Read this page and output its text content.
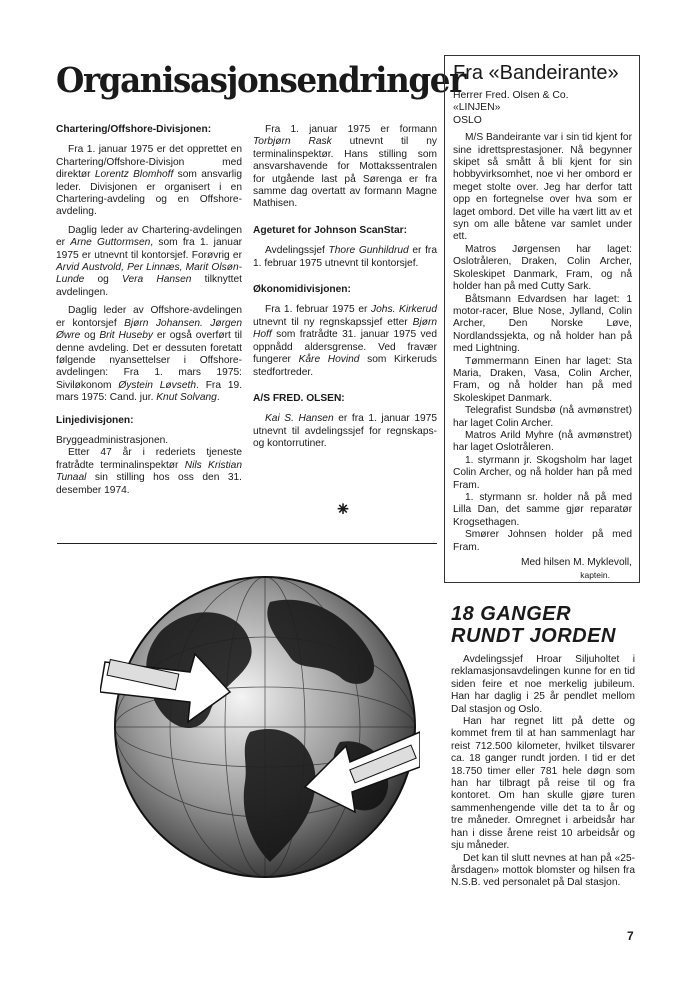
Organisasjonsendringer
Chartering/Offshore-Divisjonen:

Fra 1. januar 1975 er det opprettet en Chartering/Offshore-Divisjon med direktør Lorentz Blomhoff som ansvarlig leder. Divisjonen er organisert i en Chartering-avdeling og en Offshore-avdeling.

Daglig leder av Chartering-avdelingen er Arne Guttormsen, som fra 1. januar 1975 er utnevnt til kontorsjef. Forøvrig er Arvid Austvold, Per Linnæs, Marit Olsøn-Lunde og Vera Hansen tilknyttet avdelingen.

Daglig leder av Offshore-avdelingen er kontorsjef Bjørn Johansen. Jørgen Øwre og Brit Huseby er også overført til denne avdeling. Det er dessuten foretatt følgende nyansettelser i Offshore-avdelingen: Fra 1. mars 1975: Siviløkonom Øystein Løvseth. Fra 19. mars 1975: Cand. jur. Knut Solvang.

Linjedivisjonen:

Bryggeadministrasjonen.

Etter 47 år i rederiets tjeneste fratrådte terminalinspektør Nils Kristian Tunaal sin stilling hos oss den 31. desember 1974.

Fra 1. januar 1975 er formann Torbjørn Rask utnevnt til ny terminalinspektør. Hans stilling som ansvarshavende for Mottakssentralen for utgående last på Sørenga er fra samme dag overtatt av formann Magne Mathisen.

Ageturet for Johnson ScanStar:

Avdelingssjef Thore Gunhildrud er fra 1. februar 1975 utnevnt til kontorsjef.

Økonomidivisjonen:

Fra 1. februar 1975 er Johs. Kirkerud utnevnt til ny regnskapssjef etter Bjørn Hoff som fratrådte 31. januar 1975 ved oppnådd aldersgrense. Ved fravær fungerer Kåre Hovind som Kirkeruds stedfortreder.

A/S FRED. OLSEN:

Kai S. Hansen er fra 1. januar 1975 utnevnt til avdelingssjef for regnskaps- og kontorrutiner.

⁕
Fra «Bandeirante»
Herrer Fred. Olsen & Co.
«LINJEN»
OSLO

M/S Bandeirante var i sin tid kjent for sine idrettsprestasjoner. Nå begynner skipet så smått å bli kjent for sin hobbyvirksomhet, noe vi her ombord er meget stolte over. Jeg har derfor tatt opp en fortegnelse over hva som er laget ombord. Det ville ha vært litt av et syn om alle båtene var samlet under ett.

Matros Jørgensen har laget: Oslotråleren, Draken, Colin Archer, Skoleskipet Danmark, Fram, og nå holder han på med Cutty Sark.

Båtsmann Edvardsen har laget: 1 motor-racer, Blue Nose, Jylland, Colin Archer, Den Norske Løve, Nordlandssjekta, og nå holder han på med Lightning.

Tømmermann Einen har laget: Sta Maria, Draken, Vasa, Colin Archer, Fram, og nå holder han på med Skoleskipet Danmark.

Telegrafist Sundsbø (nå avmønstret) har laget Colin Archer.

Matros Arild Myhre (nå avmønstret) har laget Oslotråleren.

1. styrmann jr. Skogsholm har laget Colin Archer, og nå holder han på med Fram.

1. styrmann sr. holder nå på med Lilla Dan, det samme gjør reparatør Krogsethagen.

Smører Johnsen holder på med Fram.

Med hilsen M. Myklevoll,
kaptein.
18 GANGER
RUNDT JORDEN

Avdelingssjef Hroar Siljuholtet i reklamasjonsavdelingen kunne for en tid siden feire et noe merkelig jubileum. Han har daglig i 25 år pendlet mellom Dal stasjon og Oslo.

Han har regnet litt på dette og kommet frem til at han sammenlagt har reist 712.500 kilometer, hvilket tilsvarer ca. 18 ganger rundt jorden. I tid er det 18.750 timer eller 781 hele døgn som han har tilbragt på reise til og fra kontoret. Om han skulle gjøre turen sammenhengende ville det ta to år og tre måneder. Omregnet i arbeidsår har han i disse årene reist 10 arbeidsår og sju måneder.

Det kan til slutt nevnes at han på «25-årsdagen» mottok blomster og hilsen fra N.S.B. ved personalet på Dal stasjon.

7
